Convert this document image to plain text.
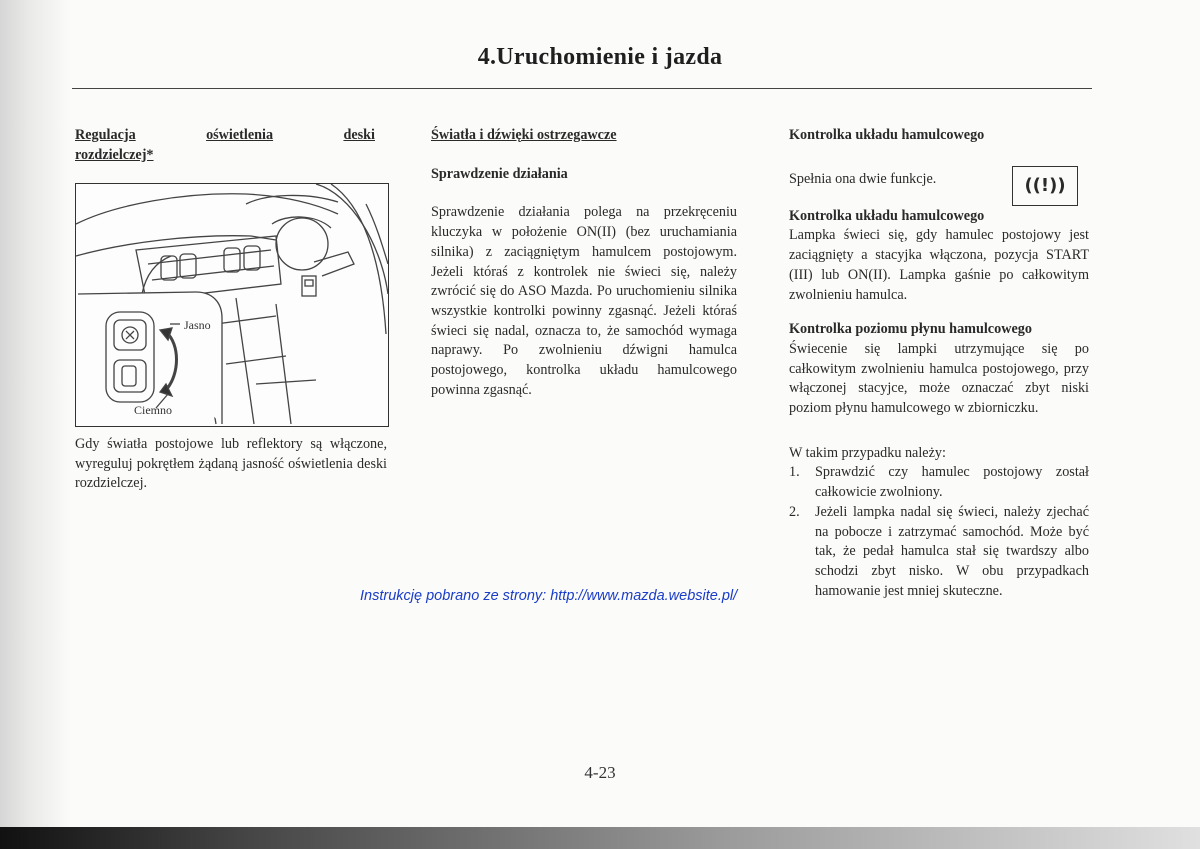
4.Uruchomienie i jazda
Regulacja	oświetlenia	deski
rozdzielczej*
Jasno
Ciemno
Gdy światła postojowe lub reflektory są włączone, wyreguluj pokrętłem żądaną jasność oświetlenia deski rozdzielczej.
Światła i dźwięki ostrzegawcze
Sprawdzenie działania

Sprawdzenie działania polega na przekręceniu kluczyka w położenie ON(II) (bez uruchamiania silnika) z zaciągniętym hamulcem postojowym. Jeżeli któraś z kontrolek nie świeci się, należy zwrócić się do ASO Mazda. Po uruchomieniu silnika wszystkie kontrolki powinny zgasnąć. Jeżeli któraś świeci się nadal, oznacza to, że samochód wymaga naprawy. Po zwolnieniu dźwigni hamulca postojowego, kontrolka układu hamulcowego powinna zgasnąć.

Kontrolka układu hamulcowego
Spełnia ona dwie funkcje.	((!))
Kontrolka układu hamulcowego

Lampka świeci się, gdy hamulec postojowy jest zaciągnięty a stacyjka włączona, pozycja START (III) lub ON(II). Lampka gaśnie po całkowitym zwolnieniu hamulca.

Kontrolka poziomu płynu hamulcowego

Świecenie się lampki utrzymujące się po całkowitym zwolnieniu hamulca postojowego, przy włączonej stacyjce, może oznaczać zbyt niski poziom płynu hamulcowego w zbiorniczku.

W takim przypadku należy:

1.	Sprawdzić czy hamulec postojowy został całkowicie zwolniony.
2.	Jeżeli lampka nadal się świeci, należy zjechać na pobocze i zatrzymać samochód. Może być tak, że pedał hamulca stał się twardszy albo schodzi zbyt nisko. W obu przypadkach hamowanie jest mniej skuteczne.
Instrukcję pobrano ze strony: http://www.mazda.website.pl/
4-23
